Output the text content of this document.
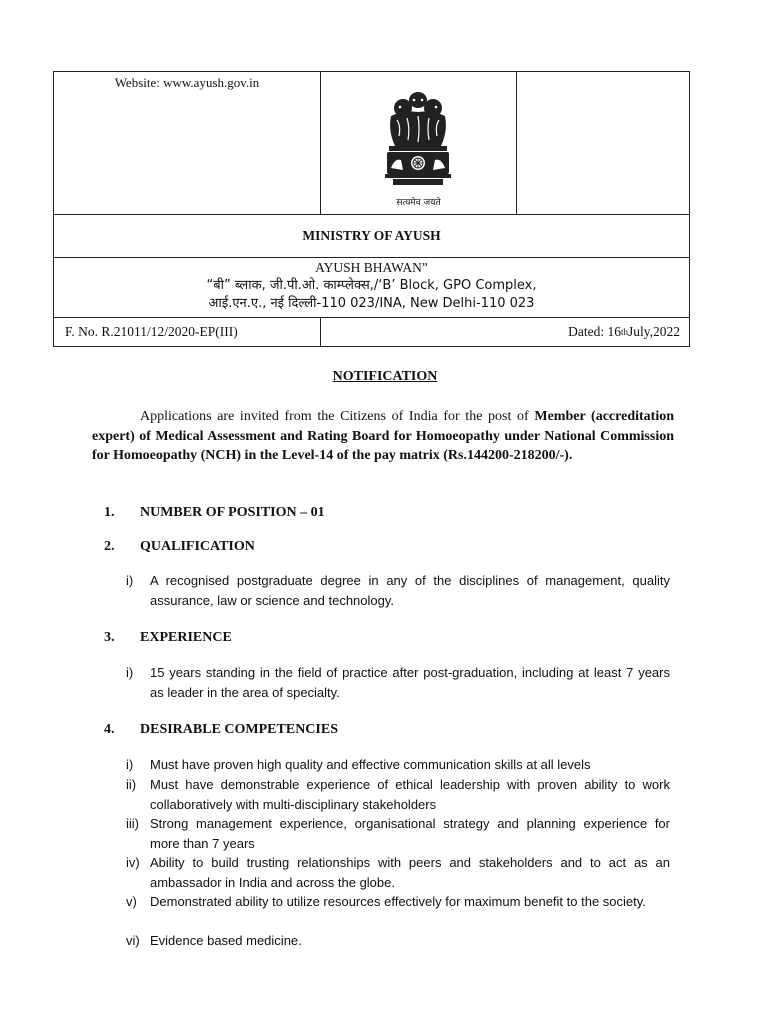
Website: www.ayush.gov.in
सत्यमेव जयते
MINISTRY OF AYUSH
AYUSH BHAWAN”
“बी” ब्लाक, जी.पी.ओ. काम्प्लेक्स,/‘B’ Block, GPO Complex,
आई.एन.ए., नई दिल्ली-110 023/INA, New Delhi-110 023
F. No. R.21011/12/2020-EP(III)	Dated: 16 th July,2022
NOTIFICATION
Applications are invited from the Citizens of India for the post of Member (accreditation expert) of Medical Assessment and Rating Board for Homoeopathy under National Commission for Homoeopathy (NCH) in the Level-14 of the pay matrix (Rs.144200-218200/-).
1. NUMBER OF POSITION – 01
2. QUALIFICATION
i)	A recognised postgraduate degree in any of the disciplines of management, quality assurance, law or science and technology.
3. EXPERIENCE
i)	15 years standing in the field of practice after post-graduation, including at least 7 years as leader in the area of specialty.
4. DESIRABLE COMPETENCIES
i)	Must have proven high quality and effective communication skills at all levels
ii)	Must have demonstrable experience of ethical leadership with proven ability to work collaboratively with multi-disciplinary stakeholders
iii) Strong management experience, organisational strategy and planning experience for more than 7 years
iv) Ability to build trusting relationships with peers and stakeholders and to act as an ambassador in India and across the globe.
v)	Demonstrated ability to utilize resources effectively for maximum benefit to the society.
vi) Evidence based medicine.
